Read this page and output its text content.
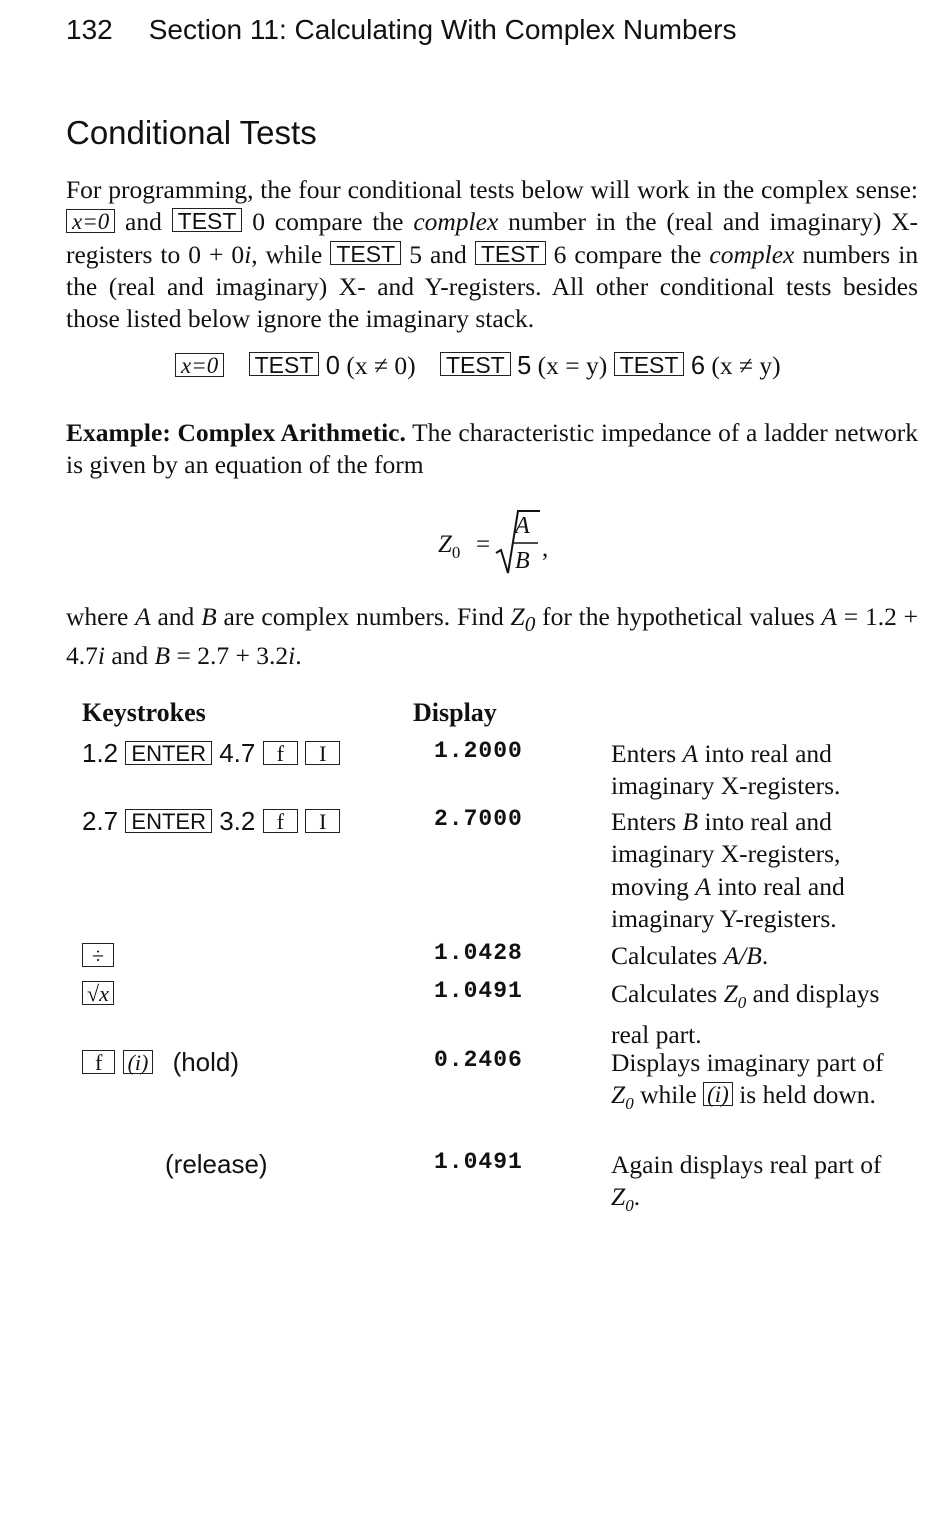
132 Section 11: Calculating With Complex Numbers
Conditional Tests
For programming, the four conditional tests below will work in the complex sense: x=0 and TEST 0 compare the complex number in the (real and imaginary) X-registers to 0 + 0i, while TEST 5 and TEST 6 compare the complex numbers in the (real and imaginary) X- and Y-registers. All other conditional tests besides those listed below ignore the imaginary stack.
x=0 TEST 0 (x ≠ 0) TEST 5 (x = y) TEST 6 (x ≠ y)
Example: Complex Arithmetic. The characteristic impedance of a ladder network is given by an equation of the form
$Z_0$ =
A
B ,
where A and B are complex numbers. Find $Z_0$ for the hypothetical values A = 1.2 + 4.7i and B = 2.7 + 3.2i.
Keystrokes	Display
1.2 ENTER 4.7 f I	1.2000	Enters A into real and imaginary X-registers.
2.7 ENTER 3.2 f I	2.7000	Enters B into real and imaginary X-registers, moving A into real and imaginary Y-registers.
÷	1.0428	Calculates A/B.
√x	1.0491	Calculates $Z_0$ and displays real part.
f (i) (hold)	0.2406	Displays imaginary part of $Z_0$ while (i) is held down.
(release)	1.0491	Again displays real part of $Z_0$.
